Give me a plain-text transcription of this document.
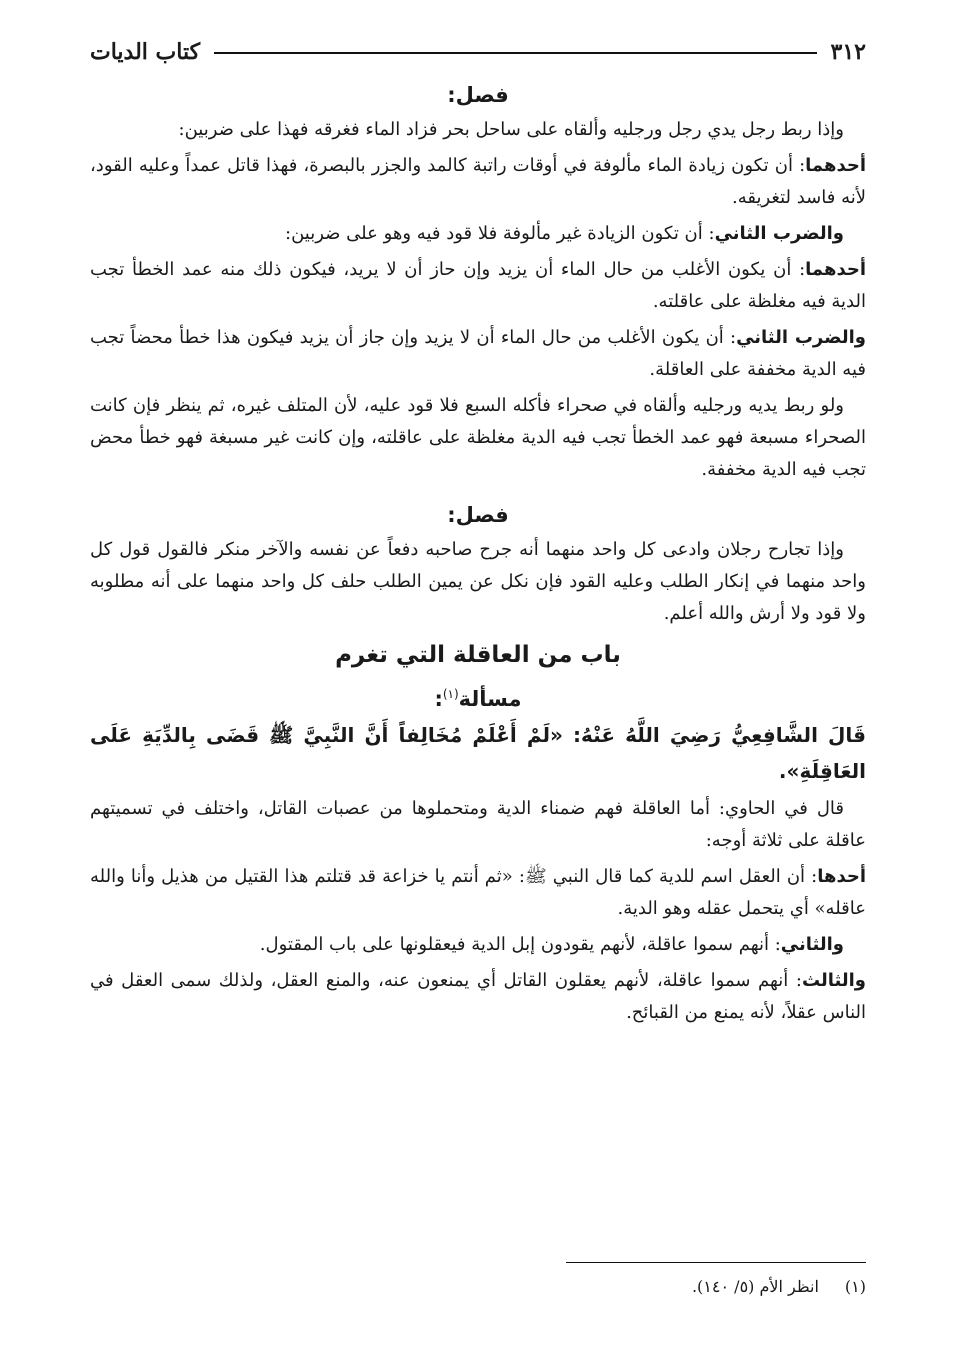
٣١٢
كتاب الديات
فصل:

وإذا ربط رجل يدي رجل ورجليه وألقاه على ساحل بحر فزاد الماء فغرقه فهذا على ضربين:

أحدهما: أن تكون زيادة الماء مألوفة في أوقات راتبة كالمد والجزر بالبصرة، فهذا قاتل عمداً وعليه القود، لأنه فاسد لتغريقه.

والضرب الثاني: أن تكون الزيادة غير مألوفة فلا قود فيه وهو على ضربين:

أحدهما: أن يكون الأغلب من حال الماء أن يزيد وإن حاز أن لا يريد، فيكون ذلك منه عمد الخطأ تجب الدية فيه مغلظة على عاقلته.

والضرب الثاني: أن يكون الأغلب من حال الماء أن لا يزيد وإن جاز أن يزيد فيكون هذا خطأ محضاً تجب فيه الدية مخففة على العاقلة.

ولو ربط يديه ورجليه وألقاه في صحراء فأكله السبع فلا قود عليه، لأن المتلف غيره، ثم ينظر فإن كانت الصحراء مسبعة فهو عمد الخطأ تجب فيه الدية مغلظة على عاقلته، وإن كانت غير مسبغة فهو خطأ محض تجب فيه الدية مخففة.

فصل:

وإذا تجارح رجلان وادعى كل واحد منهما أنه جرح صاحبه دفعاً عن نفسه والآخر منكر فالقول قول كل واحد منهما في إنكار الطلب وعليه القود فإن نكل عن يمين الطلب حلف كل واحد منهما على أنه مطلوبه ولا قود ولا أرش والله أعلم.

باب من العاقلة التي تغرم
مسألة$^{(١)}$:

قَالَ الشَّافِعِيُّ رَضِيَ اللَّهُ عَنْهُ: «لَمْ أَعْلَمْ مُخَالِفاً أَنَّ النَّبِيَّ ﷺ قَضَى بِالدِّيَةِ عَلَى العَاقِلَةِ».

قال في الحاوي: أما العاقلة فهم ضمناء الدية ومتحملوها من عصبات القاتل، واختلف في تسميتهم عاقلة على ثلاثة أوجه:

أحدها: أن العقل اسم للدية كما قال النبي ﷺ: «ثم أنتم يا خزاعة قد قتلتم هذا القتيل من هذيل وأنا والله عاقله» أي يتحمل عقله وهو الدية.

والثاني: أنهم سموا عاقلة، لأنهم يقودون إبل الدية فيعقلونها على باب المقتول.

والثالث: أنهم سموا عاقلة، لأنهم يعقلون القاتل أي يمنعون عنه، والمنع العقل، ولذلك سمى العقل في الناس عقلاً، لأنه يمنع من القبائح.

(١)انظر الأم (٥/ ١٤٠).
